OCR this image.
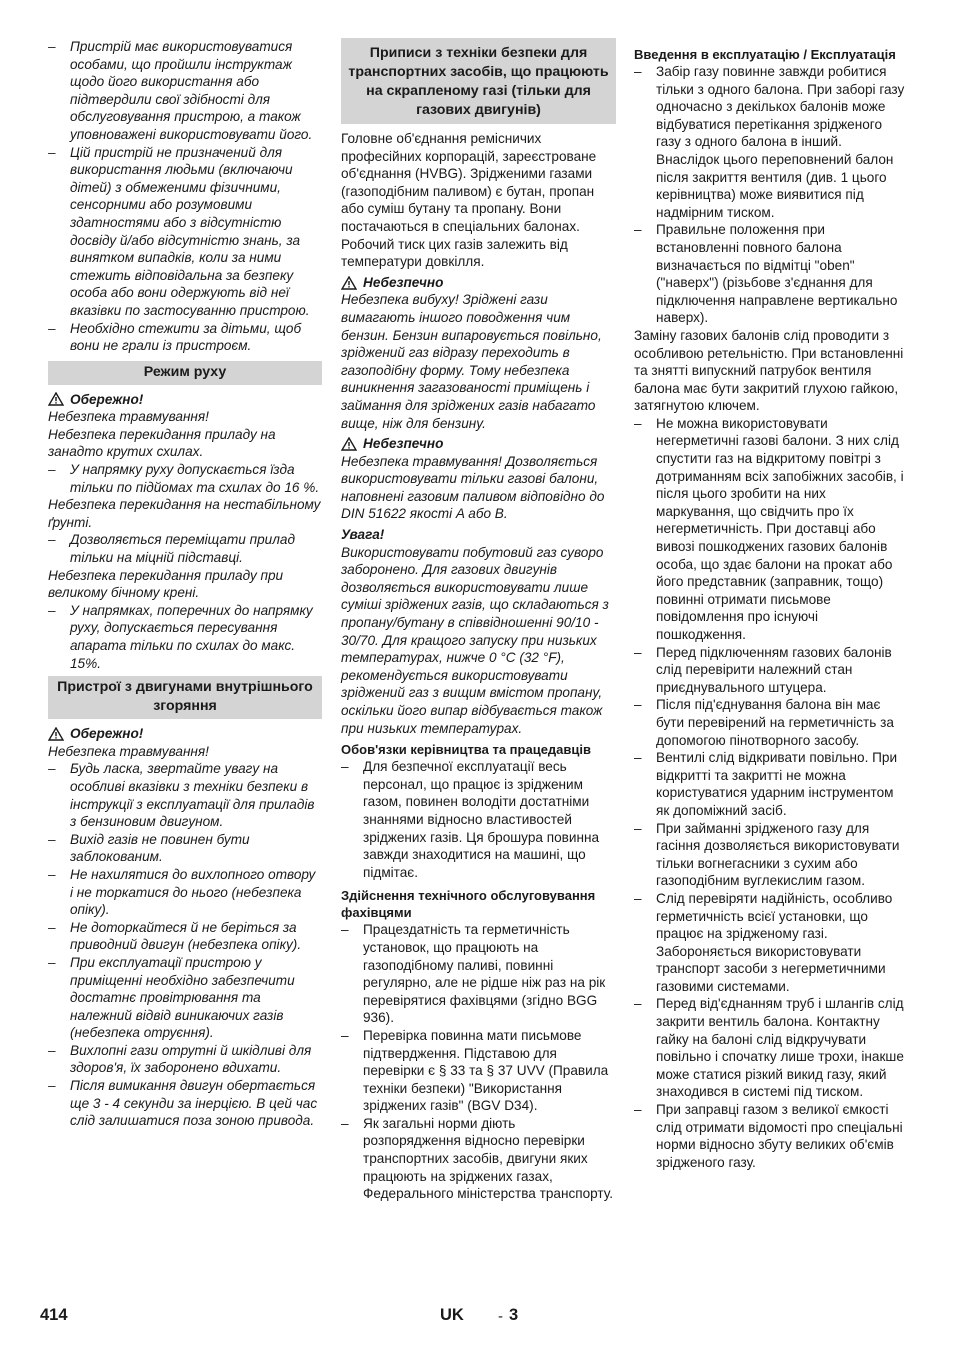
– Пристрій має використовуватися особами, що пройшли інструктаж щодо його використання або підтвердили свої здібності для обслуговування пристрою, а також уповноважені використовувати його.
– Цій пристрій не призначений для використання людьми (включаючи дітей) з обмеженими фізичними, сенсорними або розумовими здатностями або з відсутністю досвіду й/або відсутністю знань, за винятком випадків, коли за ними стежить відповідальна за безпеку особа або вони одержують від неї вказівки по застосуванню пристрою.
– Необхідно стежити за дітьми, щоб вони не грали із пристроєм.
Режим руху

Обережно!

Небезпека травмування!

Небезпека перекидання приладу на занадто крутих схилах.

– У напрямку руху допускається їзда тільки по підйомах та схилах до 16 %.

Небезпека перекидання на нестабільному ґрунті.

– Дозволяється переміщати прилад тільки на міцній підставці.

Небезпека перекидання приладу при великому бічному крені.

– У напрямках, поперечних до напрямку руху, допускається пересування апарата тільки по схилах до макс. 15%.
Пристрої з двигунами внутрішнього згоряння

Обережно!

Небезпека травмування!

– Будь ласка, звертайте увагу на особливі вказівки з техніки безпеки в інструкції з експлуатації для приладів з бензиновим двигуном.
– Вихід газів не повинен бути заблокованим.
– Не нахилятися до вихлопного отвору і не торкатися до нього (небезпека опіку).
– Не доторкайтеся й не беріться за приводний двигун (небезпека опіку).
– При експлуатації пристрою у приміщенні необхідно забезпечити достатнє провітрювання та належний відвід виникаючих газів (небезпека отруєння).
– Вихлопні гази отрутні й шкідливі для здоров'я, їх заборонено вдихати.
– Після вимикання двигун обертається ще 3 - 4 секунди за інерцією. В цей час слід залишатися поза зоною привода.
Приписи з техніки безпеки для транспортних засобів, що працюють на скрапленому газі (тільки для газових двигунів)

Головне об'єднання ремісничих професійних корпорацій, зареєстроване об'єднання (HVBG). Зрідженими газами (газоподібним паливом) є бутан, пропан або суміш бутану та пропану. Вони постачаються в спеціальних балонах. Робочий тиск цих газів залежить від температури довкілля.

Небезпечно

Небезпека вибуху! Зріджені гази вимагають іншого поводження чим бензин. Бензин випаровується повільно, зріджений газ відразу переходить в газоподібну форму. Тому небезпека виникнення загазованості приміщень і займання для зріджених газів набагато вище, ніж для бензину.

Небезпечно

Небезпека травмування! Дозволяється використовувати тільки газові балони, наповнені газовим паливом відповідно до DIN 51622 якості A або B.

Увага!

Використовувати побутовий газ суворо заборонено. Для газових двигунів дозволяється використовувати лише суміші зріджених газів, що складаються з пропану/бутану в співвідношенні 90/10 - 30/70. Для кращого запуску при низьких температурах, нижче 0 °C (32 °F), рекомендується використовувати зріджений газ з вищим вмістом пропану, оскільки його випар відбувається також при низьких температурах.

Обов'язки керівництва та працедавців

– Для безпечної експлуатації весь персонал, що працює із зрідженим газом, повинен володіти достатніми знаннями відносно властивостей зріджених газів. Ця брошура повинна завжди знаходитися на машині, що підмітає.

Здійснення технічного обслуговування фахівцями

– Працездатність та герметичність установок, що працюють на газоподібному паливі, повинні регулярно, але не рідше ніж раз на рік перевірятися фахівцями (згідно BGG 936).
– Перевірка повинна мати письмове підтвердження. Підставою для перевірки є § 33 та § 37 UVV (Правила техніки безпеки) "Використання зріджених газів" (BGV D34).
– Як загальні норми діють розпорядження відносно перевірки транспортних засобів, двигуни яких працюють на зріджених газах, Федерального міністерства транспорту.

Введення в експлуатацію / Експлуатація

– Забір газу повинне завжди робитися тільки з одного балона. При заборі газу одночасно з декількох балонів може відбуватися перетікання зрідженого газу з одного балона в інший. Внаслідок цього переповнений балон після закриття вентиля (див. 1 цього керівництва) може виявитися під надмірним тиском.
– Правильне положення при встановленні повного балона визначається по відмітці "oben" ("наверх") (різьбове з'єднання для підключення направлене вертикально наверх).

Заміну газових балонів слід проводити з особливою ретельністю. При встановленні та знятті випускний патрубок вентиля балона має бути закритий глухою гайкою, затягнутою ключем.

– Не можна використовувати негерметичні газові балони. З них слід спустити газ на відкритому повітрі з дотриманням всіх запобіжних засобів, і після цього зробити на них маркування, що свідчить про їх негерметичність. При доставці або вивозі пошкоджених газових балонів особа, що здає балони на прокат або його представник (заправник, тощо) повинні отримати письмове повідомлення про існуючі пошкодження.
– Перед підключенням газових балонів слід перевірити належний стан приєднувального штуцера.
– Після під'єднування балона він має бути перевірений на герметичність за допомогою пінотворного засобу.
– Вентилі слід відкривати повільно. При відкритті та закритті не можна користуватися ударним інструментом як допоміжний засіб.
– При займанні зрідженого газу для гасіння дозволяється використовувати тільки вогнегасники з сухим або газоподібним вуглекислим газом.
– Слід перевіряти надійність, особливо герметичність всієї установки, що працює на зрідженому газі. Забороняється використовувати транспорт засоби з негерметичними газовими системами.
– Перед від'єднанням труб і шлангів слід закрити вентиль балона. Контактну гайку на балоні слід відкручувати повільно і спочатку лише трохи, інакше може статися різкий викид газу, який знаходився в системі під тиском.
– При заправці газом з великої ємкості слід отримати відомості про спеціальні норми відносно збуту великих об'ємів зрідженого газу.
414	UK - 3
